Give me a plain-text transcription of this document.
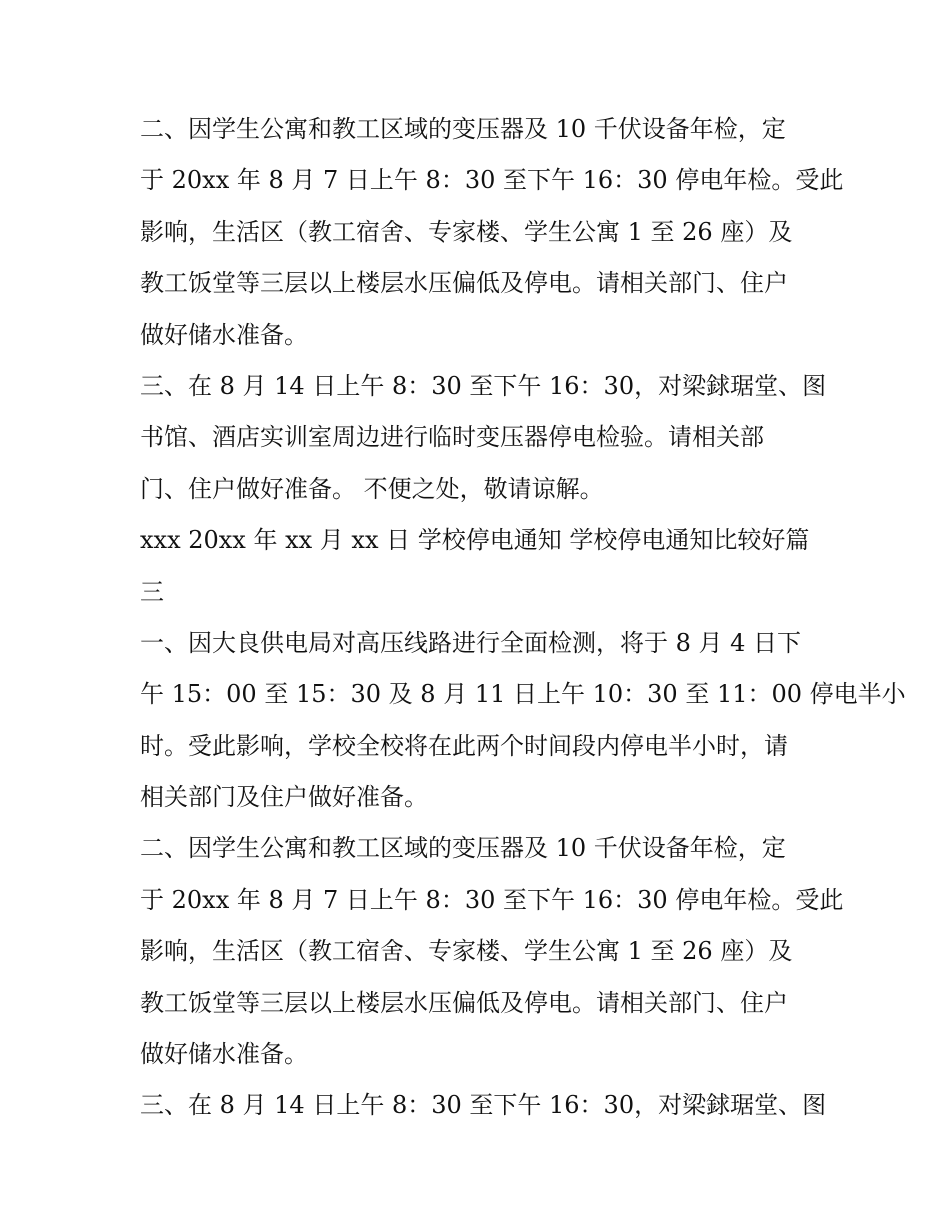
二、因学生公寓和教工区域的变压器及 10 千伏设备年检，定
于 20xx 年 8 月 7 日上午 8：30 至下午 16：30 停电年检。受此
影响，生活区（教工宿舍、专家楼、学生公寓 1 至 26 座）及
教工饭堂等三层以上楼层水压偏低及停电。请相关部门、住户
做好储水准备。
三、在 8 月 14 日上午 8：30 至下午 16：30，对梁銶琚堂、图
书馆、酒店实训室周边进行临时变压器停电检验。请相关部
门、住户做好准备。 不便之处，敬请谅解。
xxx 20xx 年 xx 月 xx 日 学校停电通知 学校停电通知比较好篇
三
一、因大良供电局对高压线路进行全面检测，将于 8 月 4 日下
午 15：00 至 15：30 及 8 月 11 日上午 10：30 至 11：00 停电半小
时。受此影响，学校全校将在此两个时间段内停电半小时，请
相关部门及住户做好准备。
二、因学生公寓和教工区域的变压器及 10 千伏设备年检，定
于 20xx 年 8 月 7 日上午 8：30 至下午 16：30 停电年检。受此
影响，生活区（教工宿舍、专家楼、学生公寓 1 至 26 座）及
教工饭堂等三层以上楼层水压偏低及停电。请相关部门、住户
做好储水准备。
三、在 8 月 14 日上午 8：30 至下午 16：30，对梁銶琚堂、图
